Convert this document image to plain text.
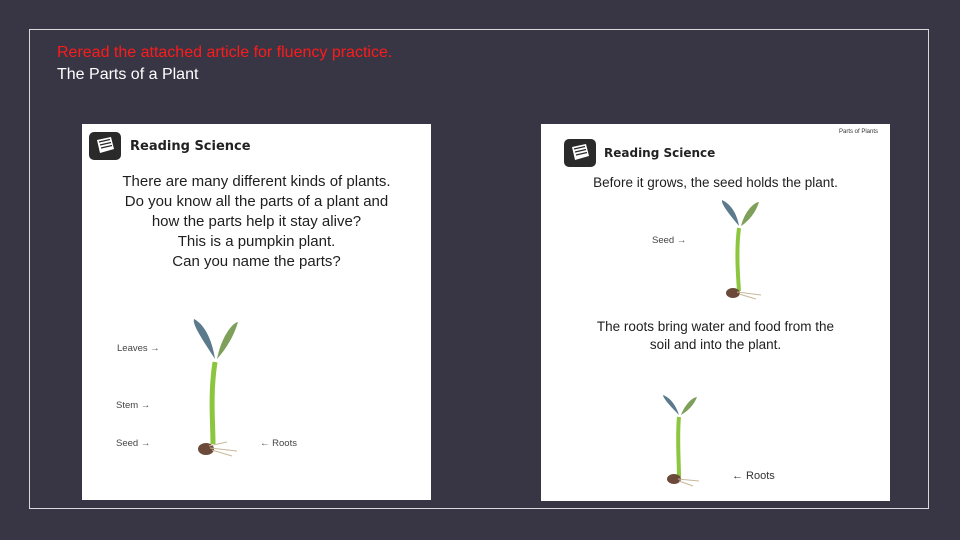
Reread the attached article for fluency practice.

The Parts of a Plant

Reading Science
There are many different kinds of plants.
Do you know all the parts of a plant and
how the parts help it stay alive?
This is a pumpkin plant.
Can you name the parts?
Leaves →
Stem →
Seed →	← Roots
Parts of Plants
Reading Science
Before it grows, the seed holds the plant.
Seed →
The roots bring water and food from the
soil and into the plant.
← Roots
